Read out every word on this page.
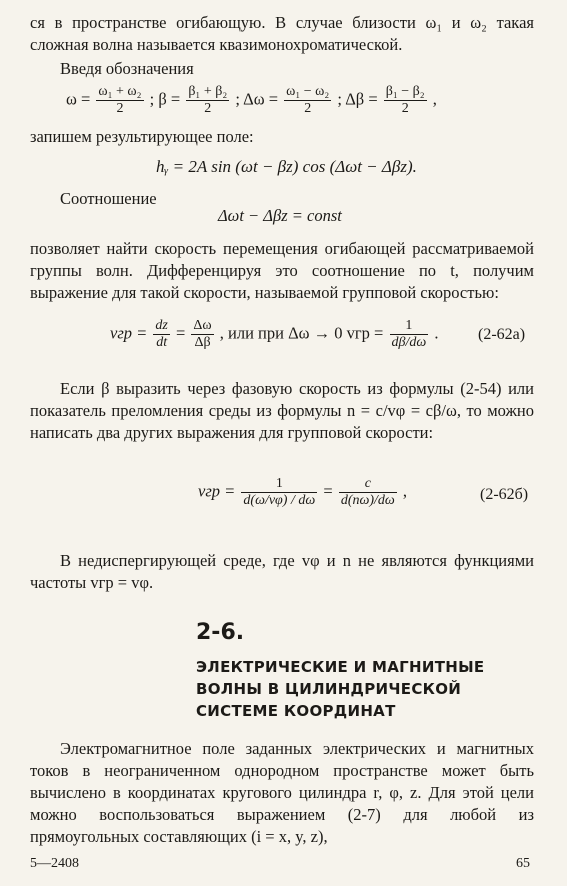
ся в пространстве огибающую. В случае близости ω₁ и ω₂ такая сложная волна называется квазимонохроматической.

Введя обозначения

$\omega = \frac{\text{ω₁ + ω₂}}{2}$ ; $\beta = \frac{\text{β₁ + β₂}}{2}$ ; $\Delta\omega = \frac{\text{ω₁ − ω₂}}{2}$ ; $\Delta\beta = \frac{\text{β₁ − β₂}}{2}$ ,

запишем результирующее поле:

hᵧ = 2A sin (ωt − βz) cos (Δωt − Δβz).

Соотношение

Δωt − Δβz = const

позволяет найти скорость перемещения огибающей рассматриваемой группы волн. Дифференцируя это соотношение по t, получим выражение для такой скорости, называемой групповой скоростью:

vгр = $\frac{dz}{dt} = \frac{\Delta\omega}{\Delta\beta}$ , или при Δω → 0 vгр = $\frac{1}{d\beta/d\omega}$ . (2-62а)

Если β выразить через фазовую скорость из формулы (2-54) или показатель преломления среды из формулы n = c/vφ = cβ/ω, то можно написать два других выражения для групповой скорости:

vгр = $\frac{1}{d(\omega/v\varphi) / d\omega} = \frac{c}{d(n\omega)/d\omega}$ ,	(2-62б)

В недиспергирующей среде, где vφ и n не являются функциями частоты vгр = vφ.

2-6.
ЭЛЕКТРИЧЕСКИЕ И МАГНИТНЫЕ ВОЛНЫ В ЦИЛИНДРИЧЕСКОЙ СИСТЕМЕ КООРДИНАТ

Электромагнитное поле заданных электрических и магнитных токов в неограниченном однородном пространстве может быть вычислено в координатах кругового цилиндра r, φ, z. Для этой цели можно воспользоваться выражением (2-7) для любой из прямоугольных составляющих (i = x, y, z),

5—2408	65
